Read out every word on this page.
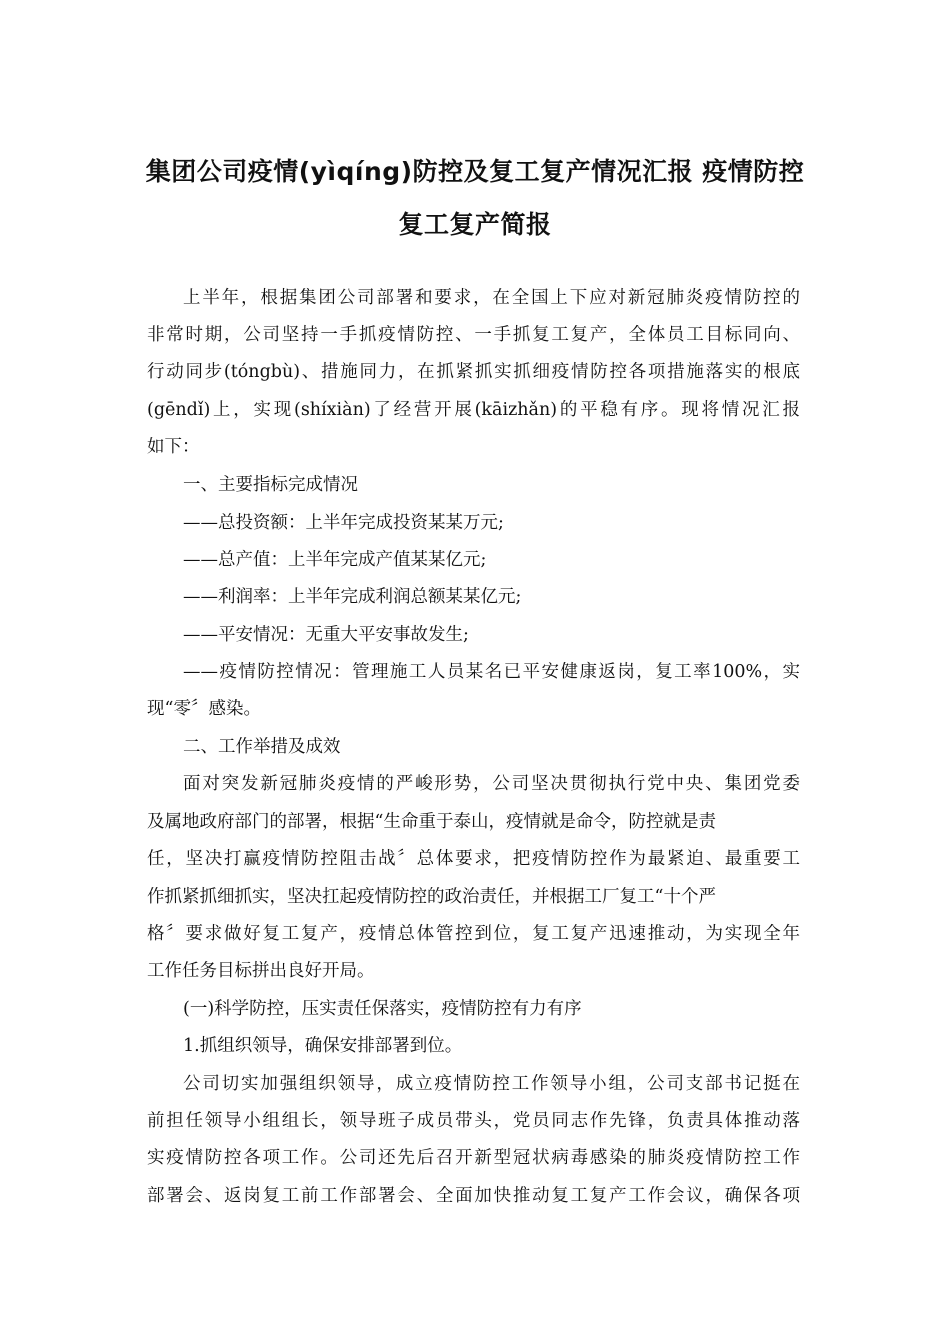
集团公司疫情(yìqíng)防控及复工复产情况汇报 疫情防控
复工复产简报
上半年，根据集团公司部署和要求，在全国上下应对新冠肺炎疫情防控的
非常时期，公司坚持一手抓疫情防控、一手抓复工复产，全体员工目标同向、
行动同步(tóngbù)、措施同力，在抓紧抓实抓细疫情防控各项措施落实的根底
(gēndǐ)上，实现(shíxiàn)了经营开展(kāizhǎn)的平稳有序。现将情况汇报
如下：
一、主要指标完成情况
——总投资额：上半年完成投资某某万元;
——总产值：上半年完成产值某某亿元;
——利润率：上半年完成利润总额某某亿元;
——平安情况：无重大平安事故发生;
——疫情防控情况：管理施工人员某名已平安健康返岗，复工率100%，实
现“零〞感染。
二、工作举措及成效
面对突发新冠肺炎疫情的严峻形势，公司坚决贯彻执行党中央、集团党委
及属地政府部门的部署，根据“生命重于泰山，疫情就是命令，防控就是责
任，坚决打赢疫情防控阻击战〞总体要求，把疫情防控作为最紧迫、最重要工
作抓紧抓细抓实，坚决扛起疫情防控的政治责任，并根据工厂复工“十个严
格〞要求做好复工复产，疫情总体管控到位，复工复产迅速推动，为实现全年
工作任务目标拼出良好开局。
(一)科学防控，压实责任保落实，疫情防控有力有序
1.抓组织领导，确保安排部署到位。
公司切实加强组织领导，成立疫情防控工作领导小组，公司支部书记挺在
前担任领导小组组长，领导班子成员带头，党员同志作先锋，负责具体推动落
实疫情防控各项工作。公司还先后召开新型冠状病毒感染的肺炎疫情防控工作
部署会、返岗复工前工作部署会、全面加快推动复工复产工作会议，确保各项
